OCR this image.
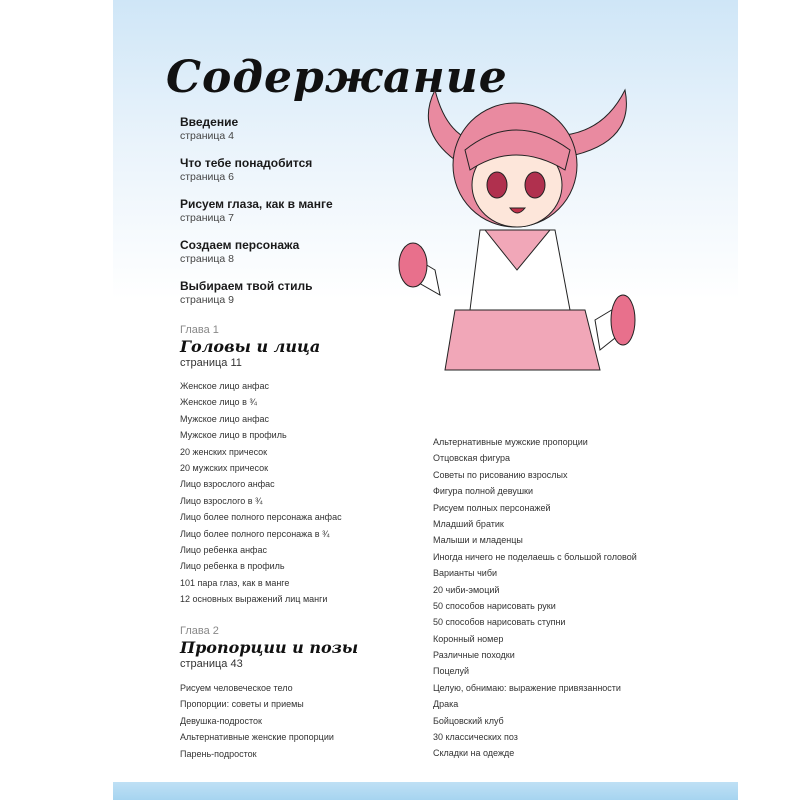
Содержание
Введение
страница 4
Что тебе понадобится
страница 6
Рисуем глаза, как в манге
страница 7
Создаем персонажа
страница 8
Выбираем твой стиль
страница 9
Глава 1
Головы и лица
страница 11
Женское лицо анфас
Женское лицо в ¾
Мужское лицо анфас
Мужское лицо в профиль
20 женских причесок
20 мужских причесок
Лицо взрослого анфас
Лицо взрослого в ¾
Лицо более полного персонажа анфас
Лицо более полного персонажа в ¾
Лицо ребенка анфас
Лицо ребенка в профиль
101 пара глаз, как в манге
12 основных выражений лиц манги
Глава 2
Пропорции и позы
страница 43
Рисуем человеческое тело
Пропорции: советы и приемы
Девушка-подросток
Альтернативные женские пропорции
Парень-подросток
Альтернативные мужские пропорции
Отцовская фигура
Советы по рисованию взрослых
Фигура полной девушки
Рисуем полных персонажей
Младший братик
Малыши и младенцы
Иногда ничего не поделаешь с большой головой
Варианты чиби
20 чиби-эмоций
50 способов нарисовать руки
50 способов нарисовать ступни
Коронный номер
Различные походки
Поцелуй
Целую, обнимаю: выражение привязанности
Драка
Бойцовский клуб
30 классических поз
Складки на одежде
